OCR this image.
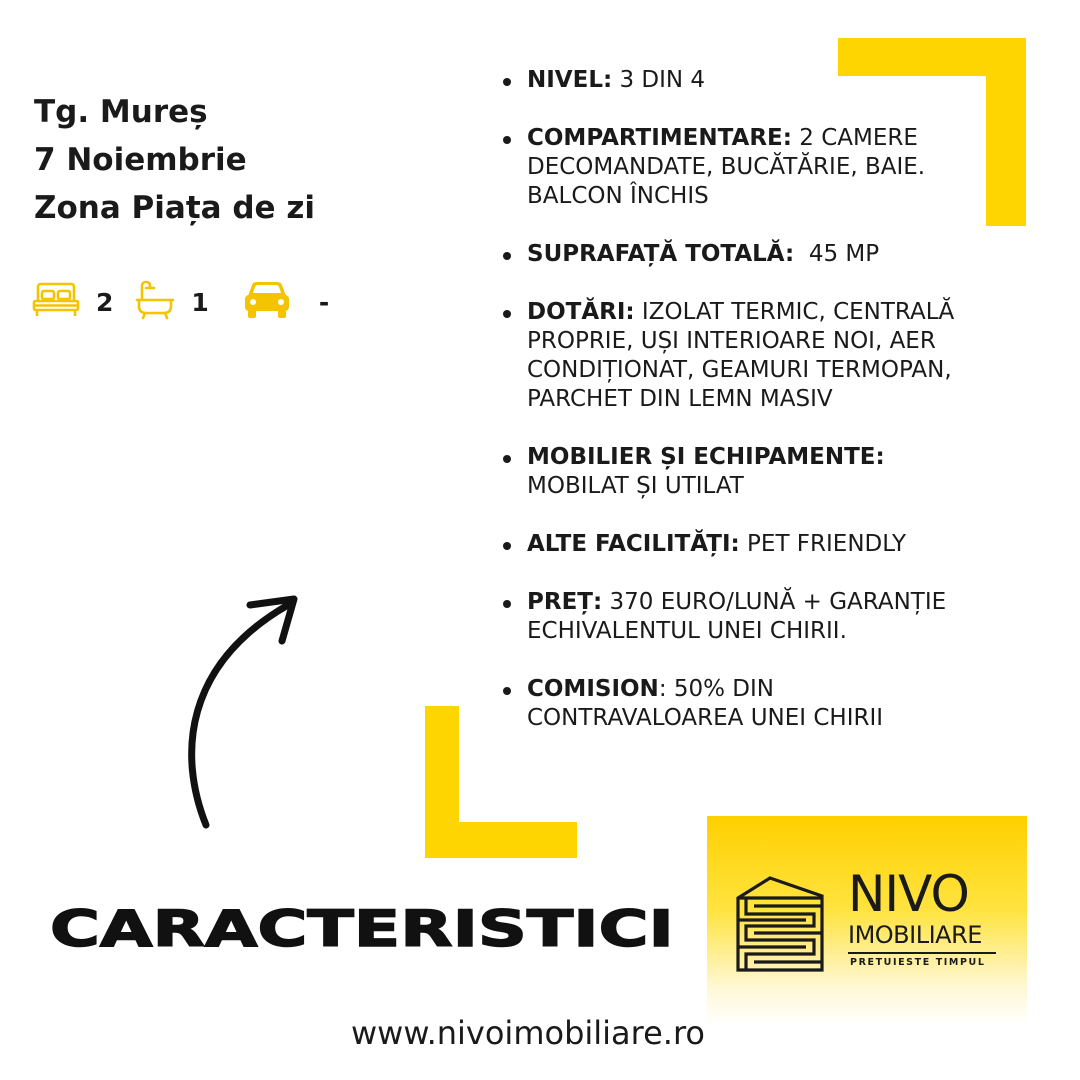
Tg. Mureș
7 Noiembrie
Zona Piața de zi
2	1	-
NIVEL: 3 DIN 4
COMPARTIMENTARE: 2 CAMERE DECOMANDATE, BUCĂTĂRIE, BAIE. BALCON ÎNCHIS
SUPRAFAȚĂ TOTALĂ:  45 MP
DOTĂRI: IZOLAT TERMIC, CENTRALĂ PROPRIE, UȘI INTERIOARE NOI, AER CONDIȚIONAT, GEAMURI TERMOPAN, PARCHET DIN LEMN MASIV
MOBILIER ȘI ECHIPAMENTE: MOBILAT ȘI UTILAT
ALTE FACILITĂȚI: PET FRIENDLY
PREȚ: 370 EURO/LUNĂ + GARANȚIE ECHIVALENTUL UNEI CHIRII.
COMISION: 50% DIN CONTRAVALOAREA UNEI CHIRII
CARACTERISTICI
NIVO
IMOBILIARE
PRETUIESTE TIMPUL
www.nivoimobiliare.ro
